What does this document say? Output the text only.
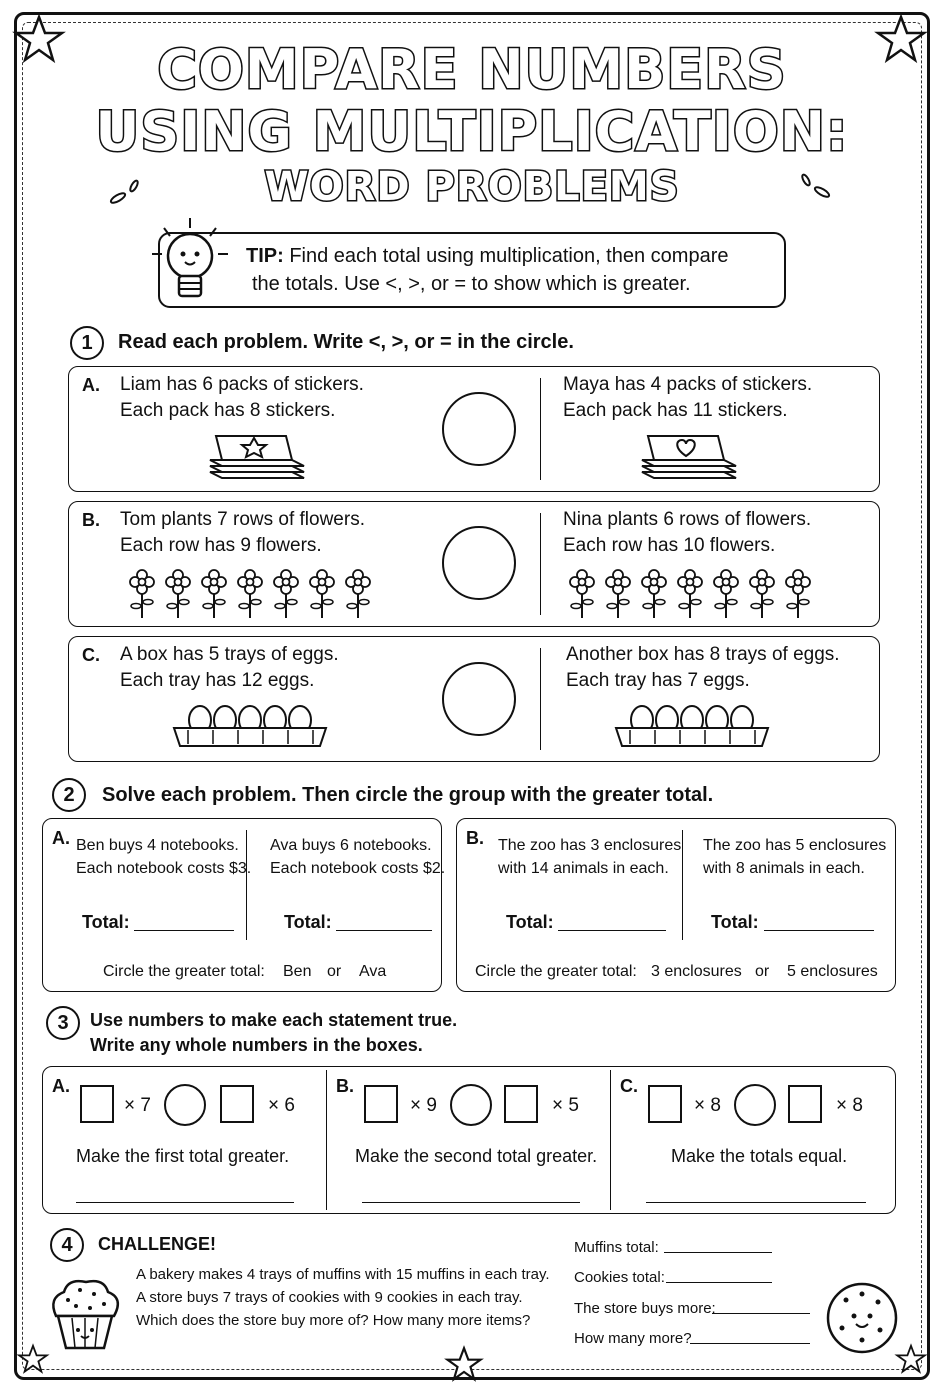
COMPARE NUMBERS
USING MULTIPLICATION:
WORD PROBLEMS
TIP: Find each total using multiplication, then compare
the totals. Use <, >, or = to show which is greater.
1	Read each problem. Write <, >, or = in the circle.
A. Liam has 6 packs of stickers.
Each pack has 8 stickers.
Maya has 4 packs of stickers.
Each pack has 11 stickers.
B. Tom plants 7 rows of flowers.
Each row has 9 flowers.
Nina plants 6 rows of flowers.
Each row has 10 flowers.
C. A box has 5 trays of eggs.
Each tray has 12 eggs.
Another box has 8 trays of eggs.
Each tray has 7 eggs.
2	Solve each problem. Then circle the group with the greater total.
A. Ben buys 4 notebooks.
Each notebook costs $3.
Ava buys 6 notebooks.
Each notebook costs $2.
Total:	Total:
Circle the greater total: Ben or Ava
B. The zoo has 3 enclosures
with 14 animals in each.
The zoo has 5 enclosures
with 8 animals in each.
Total:	Total:
Circle the greater total: 3 enclosures or 5 enclosures
3	Use numbers to make each statement true.
Write any whole numbers in the boxes.
A.
× 7	× 6
Make the first total greater.
B.
× 9	× 5
Make the second total greater.
C.
× 8	× 8
Make the totals equal.
4	CHALLENGE!
A bakery makes 4 trays of muffins with 15 muffins in each tray.
A store buys 7 trays of cookies with 9 cookies in each tray.
Which does the store buy more of? How many more items?
Muffins total:
Cookies total:
The store buys more:
How many more?
